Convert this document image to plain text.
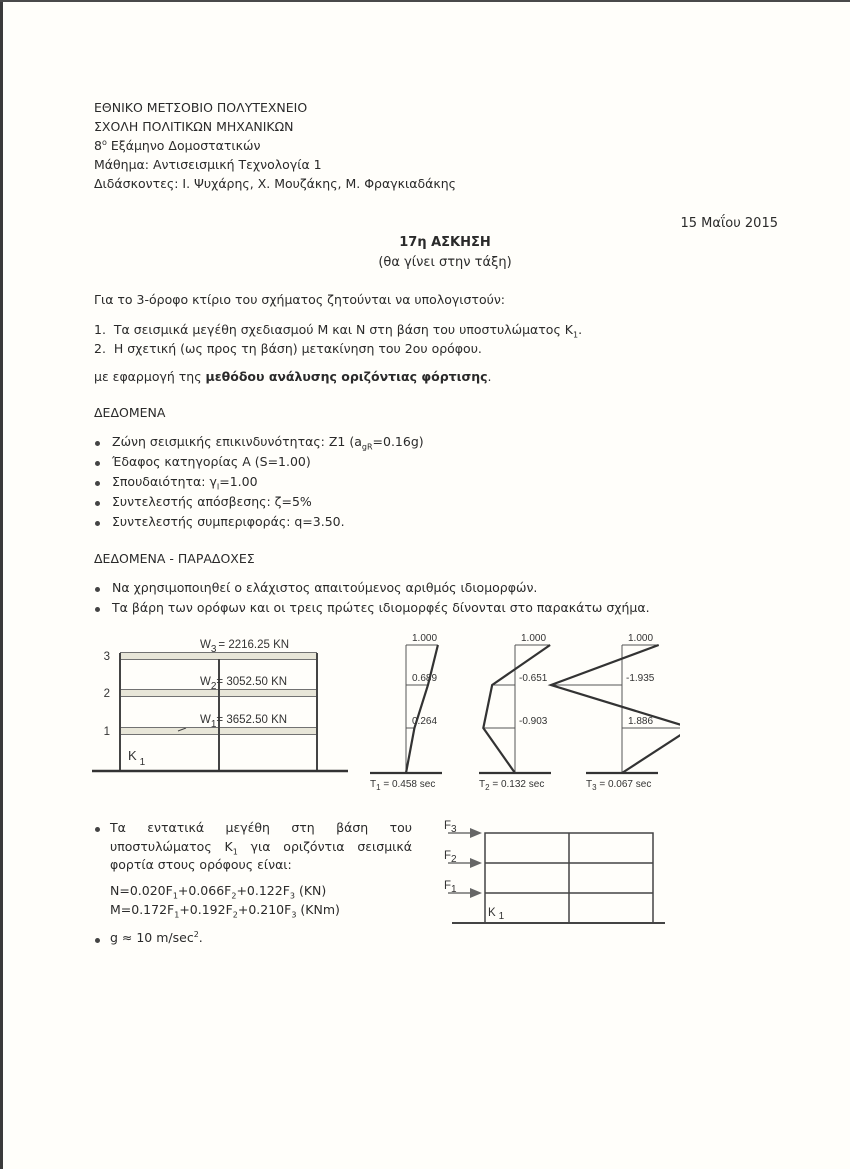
ΕΘΝΙΚΟ ΜΕΤΣΟΒΙΟ ΠΟΛΥΤΕΧΝΕΙΟ
ΣΧΟΛΗ ΠΟΛΙΤΙΚΩΝ ΜΗΧΑΝΙΚΩΝ
$8^o$ Εξάμηνο Δομοστατικών
Μάθημα: Αντισεισμική Τεχνολογία 1
Διδάσκοντες: Ι. Ψυχάρης, Χ. Μουζάκης, Μ. Φραγκιαδάκης
15 Μαΐου 2015
17η ΑΣΚΗΣΗ
(θα γίνει στην τάξη)
Για το 3-όροφο κτίριο του σχήματος ζητούνται να υπολογιστούν:
1. Τα σεισμικά μεγέθη σχεδιασμού Μ και Ν στη βάση του υποστυλώματος $K_1$.
2. Η σχετική (ως προς τη βάση) μετακίνηση του 2ου ορόφου.
με εφαρμογή της μεθόδου ανάλυσης οριζόντιας φόρτισης.
ΔΕΔΟΜΕΝΑ
Ζώνη σεισμικής επικινδυνότητας: Ζ1 $(a_{gR}=0.16g)$
Έδαφος κατηγορίας Α (S=1.00)
Σπουδαιότητα: $\gamma_I=1.00$
Συντελεστής απόσβεσης: ζ=5%
Συντελεστής συμπεριφοράς: q=3.50.
ΔΕΔΟΜΕΝΑ - ΠΑΡΑΔΟΧΕΣ
Να χρησιμοποιηθεί ο ελάχιστος απαιτούμενος αριθμός ιδιομορφών.
Τα βάρη των ορόφων και οι τρεις πρώτες ιδιομορφές δίνονται στο παρακάτω σχήμα.
3
2
1
W3 = 2216.25 KN
W2= 3052.50 KN
W1= 3652.50 KN
K $_1$
0.264
0.689
1.000
$T_1 = 0.458$ sec
-0.903
-0.651
1.000
$T_2 = 0.132$ sec
1.886
-1.935
1.000
$T_3 = 0.067$ sec
Τα εντατικά μεγέθη στη βάση του
υποστυλώματος $K_1$ για οριζόντια σεισμικά
φορτία στους ορόφους είναι:
$N=0.020F_1+0.066F_2+0.122F_3$ (KN)
$M=0.172F_1+0.192F_2+0.210F_3$ (KNm)
g ≈ 10 $m/\sec^2$.
F3
F2
F1
K 1
